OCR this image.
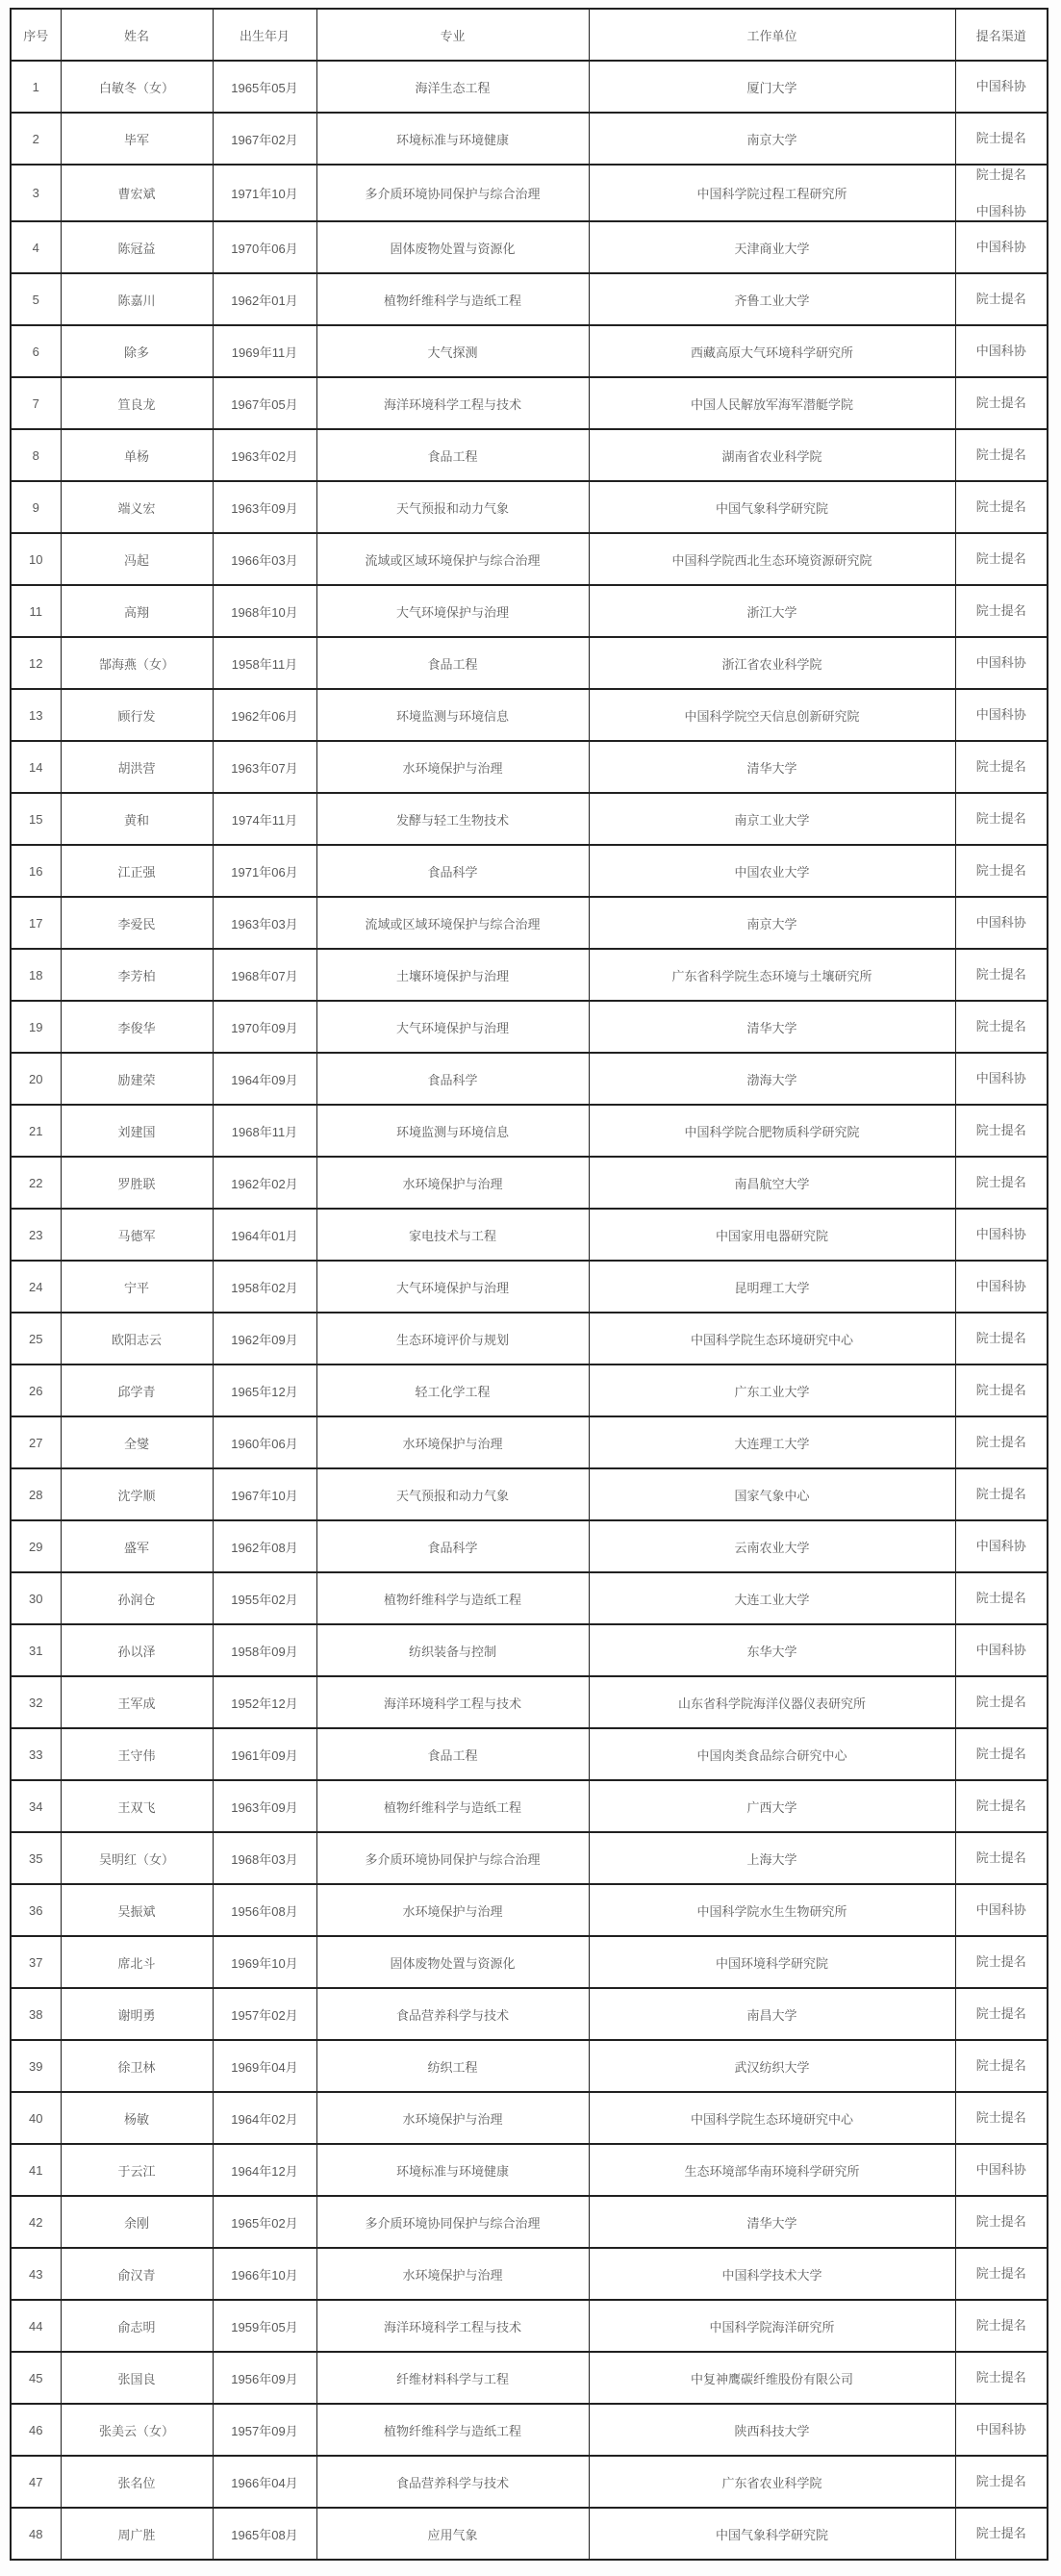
序号	姓名	出生年月	专业	工作单位	提名渠道
1	白敏冬（女）	1965年05月	海洋生态工程	厦门大学	中国科协

2	毕军	1967年02月	环境标准与环境健康	南京大学	院士提名

3	曹宏斌	1971年10月	多介质环境协同保护与综合治理	中国科学院过程工程研究所	院士提名
中国科协

4	陈冠益	1970年06月	固体废物处置与资源化	天津商业大学	中国科协

5	陈嘉川	1962年01月	植物纤维科学与造纸工程	齐鲁工业大学	院士提名

6	除多	1969年11月	大气探测	西藏高原大气环境科学研究所	中国科协

7	笪良龙	1967年05月	海洋环境科学工程与技术	中国人民解放军海军潜艇学院	院士提名

8	单杨	1963年02月	食品工程	湖南省农业科学院	院士提名

9	端义宏	1963年09月	天气预报和动力气象	中国气象科学研究院	院士提名

10	冯起	1966年03月	流域或区域环境保护与综合治理	中国科学院西北生态环境资源研究院	院士提名

11	高翔	1968年10月	大气环境保护与治理	浙江大学	院士提名

12	郜海燕（女）	1958年11月	食品工程	浙江省农业科学院	中国科协

13	顾行发	1962年06月	环境监测与环境信息	中国科学院空天信息创新研究院	中国科协

14	胡洪营	1963年07月	水环境保护与治理	清华大学	院士提名

15	黄和	1974年11月	发酵与轻工生物技术	南京工业大学	院士提名

16	江正强	1971年06月	食品科学	中国农业大学	院士提名

17	李爱民	1963年03月	流域或区域环境保护与综合治理	南京大学	中国科协

18	李芳柏	1968年07月	土壤环境保护与治理	广东省科学院生态环境与土壤研究所	院士提名

19	李俊华	1970年09月	大气环境保护与治理	清华大学	院士提名

20	励建荣	1964年09月	食品科学	渤海大学	中国科协

21	刘建国	1968年11月	环境监测与环境信息	中国科学院合肥物质科学研究院	院士提名

22	罗胜联	1962年02月	水环境保护与治理	南昌航空大学	院士提名

23	马德军	1964年01月	家电技术与工程	中国家用电器研究院	中国科协

24	宁平	1958年02月	大气环境保护与治理	昆明理工大学	中国科协

25	欧阳志云	1962年09月	生态环境评价与规划	中国科学院生态环境研究中心	院士提名

26	邱学青	1965年12月	轻工化学工程	广东工业大学	院士提名

27	全燮	1960年06月	水环境保护与治理	大连理工大学	院士提名

28	沈学顺	1967年10月	天气预报和动力气象	国家气象中心	院士提名

29	盛军	1962年08月	食品科学	云南农业大学	中国科协

30	孙润仓	1955年02月	植物纤维科学与造纸工程	大连工业大学	院士提名

31	孙以泽	1958年09月	纺织装备与控制	东华大学	中国科协

32	王军成	1952年12月	海洋环境科学工程与技术	山东省科学院海洋仪器仪表研究所	院士提名

33	王守伟	1961年09月	食品工程	中国肉类食品综合研究中心	院士提名

34	王双飞	1963年09月	植物纤维科学与造纸工程	广西大学	院士提名

35	吴明红（女）	1968年03月	多介质环境协同保护与综合治理	上海大学	院士提名

36	吴振斌	1956年08月	水环境保护与治理	中国科学院水生生物研究所	中国科协

37	席北斗	1969年10月	固体废物处置与资源化	中国环境科学研究院	院士提名

38	谢明勇	1957年02月	食品营养科学与技术	南昌大学	院士提名

39	徐卫林	1969年04月	纺织工程	武汉纺织大学	院士提名

40	杨敏	1964年02月	水环境保护与治理	中国科学院生态环境研究中心	院士提名

41	于云江	1964年12月	环境标准与环境健康	生态环境部华南环境科学研究所	中国科协

42	余刚	1965年02月	多介质环境协同保护与综合治理	清华大学	院士提名

43	俞汉青	1966年10月	水环境保护与治理	中国科学技术大学	院士提名

44	俞志明	1959年05月	海洋环境科学工程与技术	中国科学院海洋研究所	院士提名

45	张国良	1956年09月	纤维材料科学与工程	中复神鹰碳纤维股份有限公司	院士提名

46	张美云（女）	1957年09月	植物纤维科学与造纸工程	陕西科技大学	中国科协

47	张名位	1966年04月	食品营养科学与技术	广东省农业科学院	院士提名

48	周广胜	1965年08月	应用气象	中国气象科学研究院	院士提名
